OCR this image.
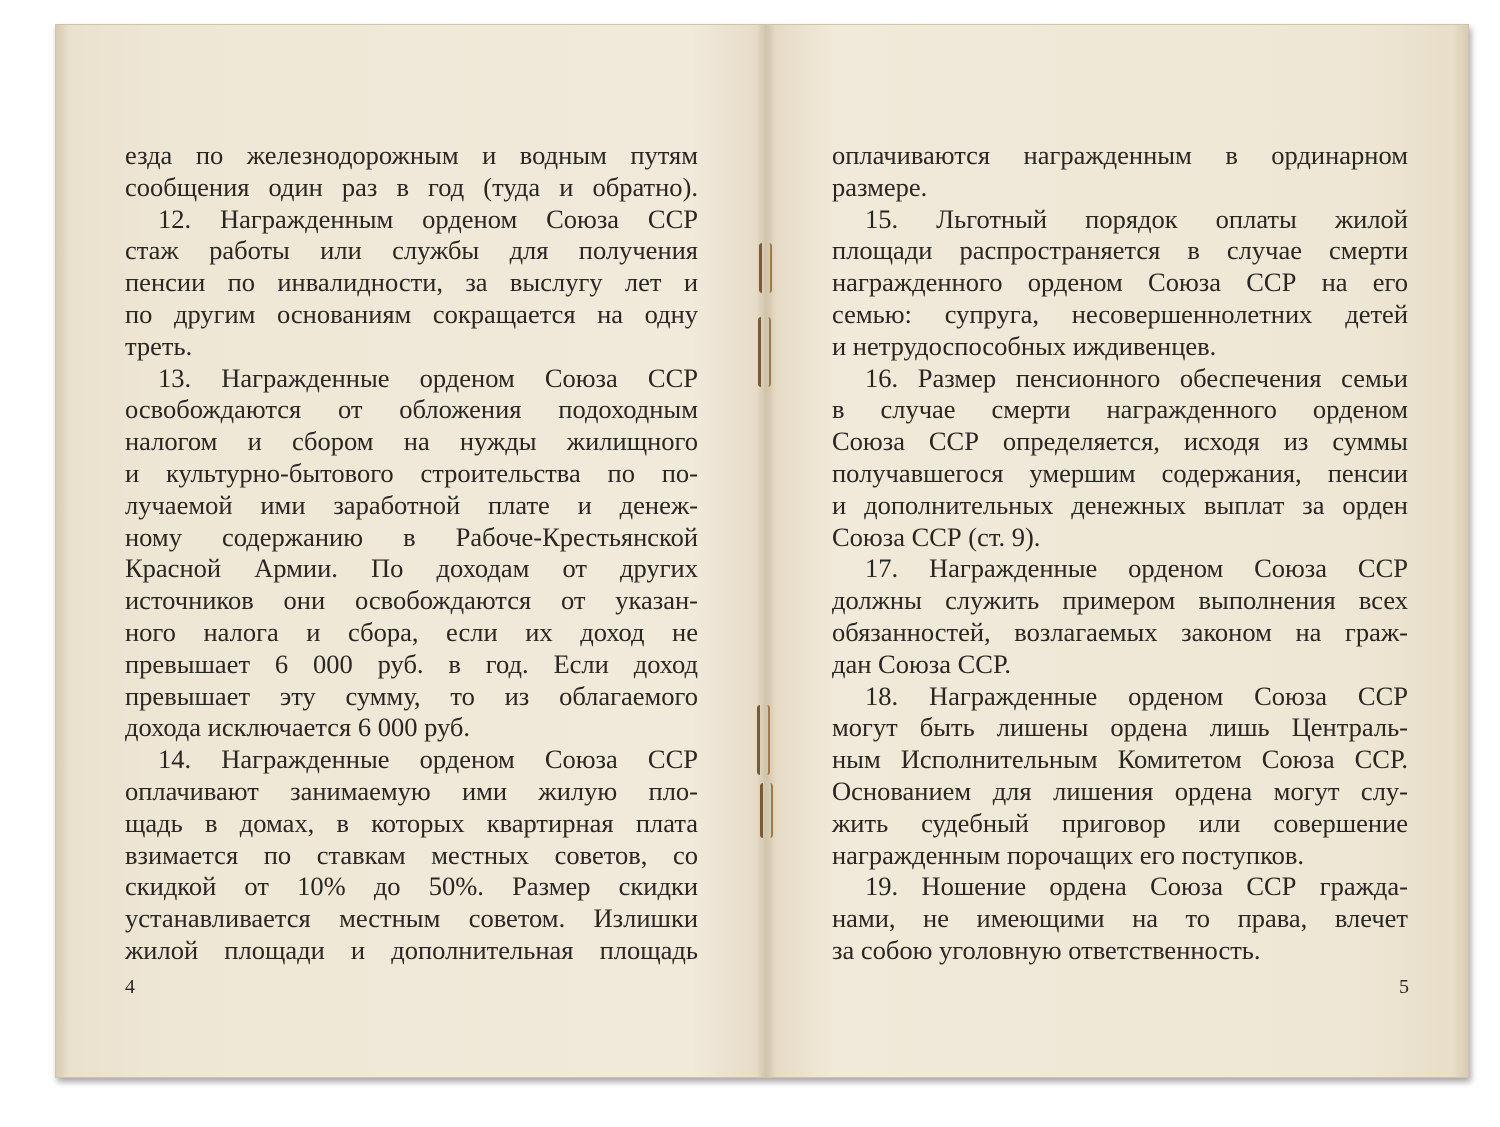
езда по железнодорожным и водным путям
сообщения один раз в год (туда и обратно).
12. Награжденным орденом Союза ССР
стаж работы или службы для получения
пенсии по инвалидности, за выслугу лет и
по другим основаниям сокращается на одну
треть.
13. Награжденные орденом Союза ССР
освобождаются от обложения подоходным
налогом и сбором на нужды жилищного
и культурно-бытового строительства по по-
лучаемой ими заработной плате и денеж-
ному содержанию в Рабоче-Крестьянской
Красной Армии. По доходам от других
источников они освобождаются от указан-
ного налога и сбора, если их доход не
превышает 6 000 руб. в год. Если доход
превышает эту сумму, то из облагаемого
дохода исключается 6 000 руб.
14. Награжденные орденом Союза ССР
оплачивают занимаемую ими жилую пло-
щадь в домах, в которых квартирная плата
взимается по ставкам местных советов, со
скидкой от 10% до 50%. Размер скидки
устанавливается местным советом. Излишки
жилой площади и дополнительная площадь
оплачиваются награжденным в ординарном
размере.
15. Льготный порядок оплаты жилой
площади распространяется в случае смерти
награжденного орденом Союза ССР на его
семью: супруга, несовершеннолетних детей
и нетрудоспособных иждивенцев.
16. Размер пенсионного обеспечения семьи
в случае смерти награжденного орденом
Союза ССР определяется, исходя из суммы
получавшегося умершим содержания, пенсии
и дополнительных денежных выплат за орден
Союза ССР (ст. 9).
17. Награжденные орденом Союза ССР
должны служить примером выполнения всех
обязанностей, возлагаемых законом на граж-
дан Союза ССР.
18. Награжденные орденом Союза ССР
могут быть лишены ордена лишь Централь-
ным Исполнительным Комитетом Союза ССР.
Основанием для лишения ордена могут слу-
жить судебный приговор или совершение
награжденным порочащих его поступков.
19. Ношение ордена Союза ССР гражда-
нами, не имеющими на то права, влечет
за собою уголовную ответственность.
4	5
